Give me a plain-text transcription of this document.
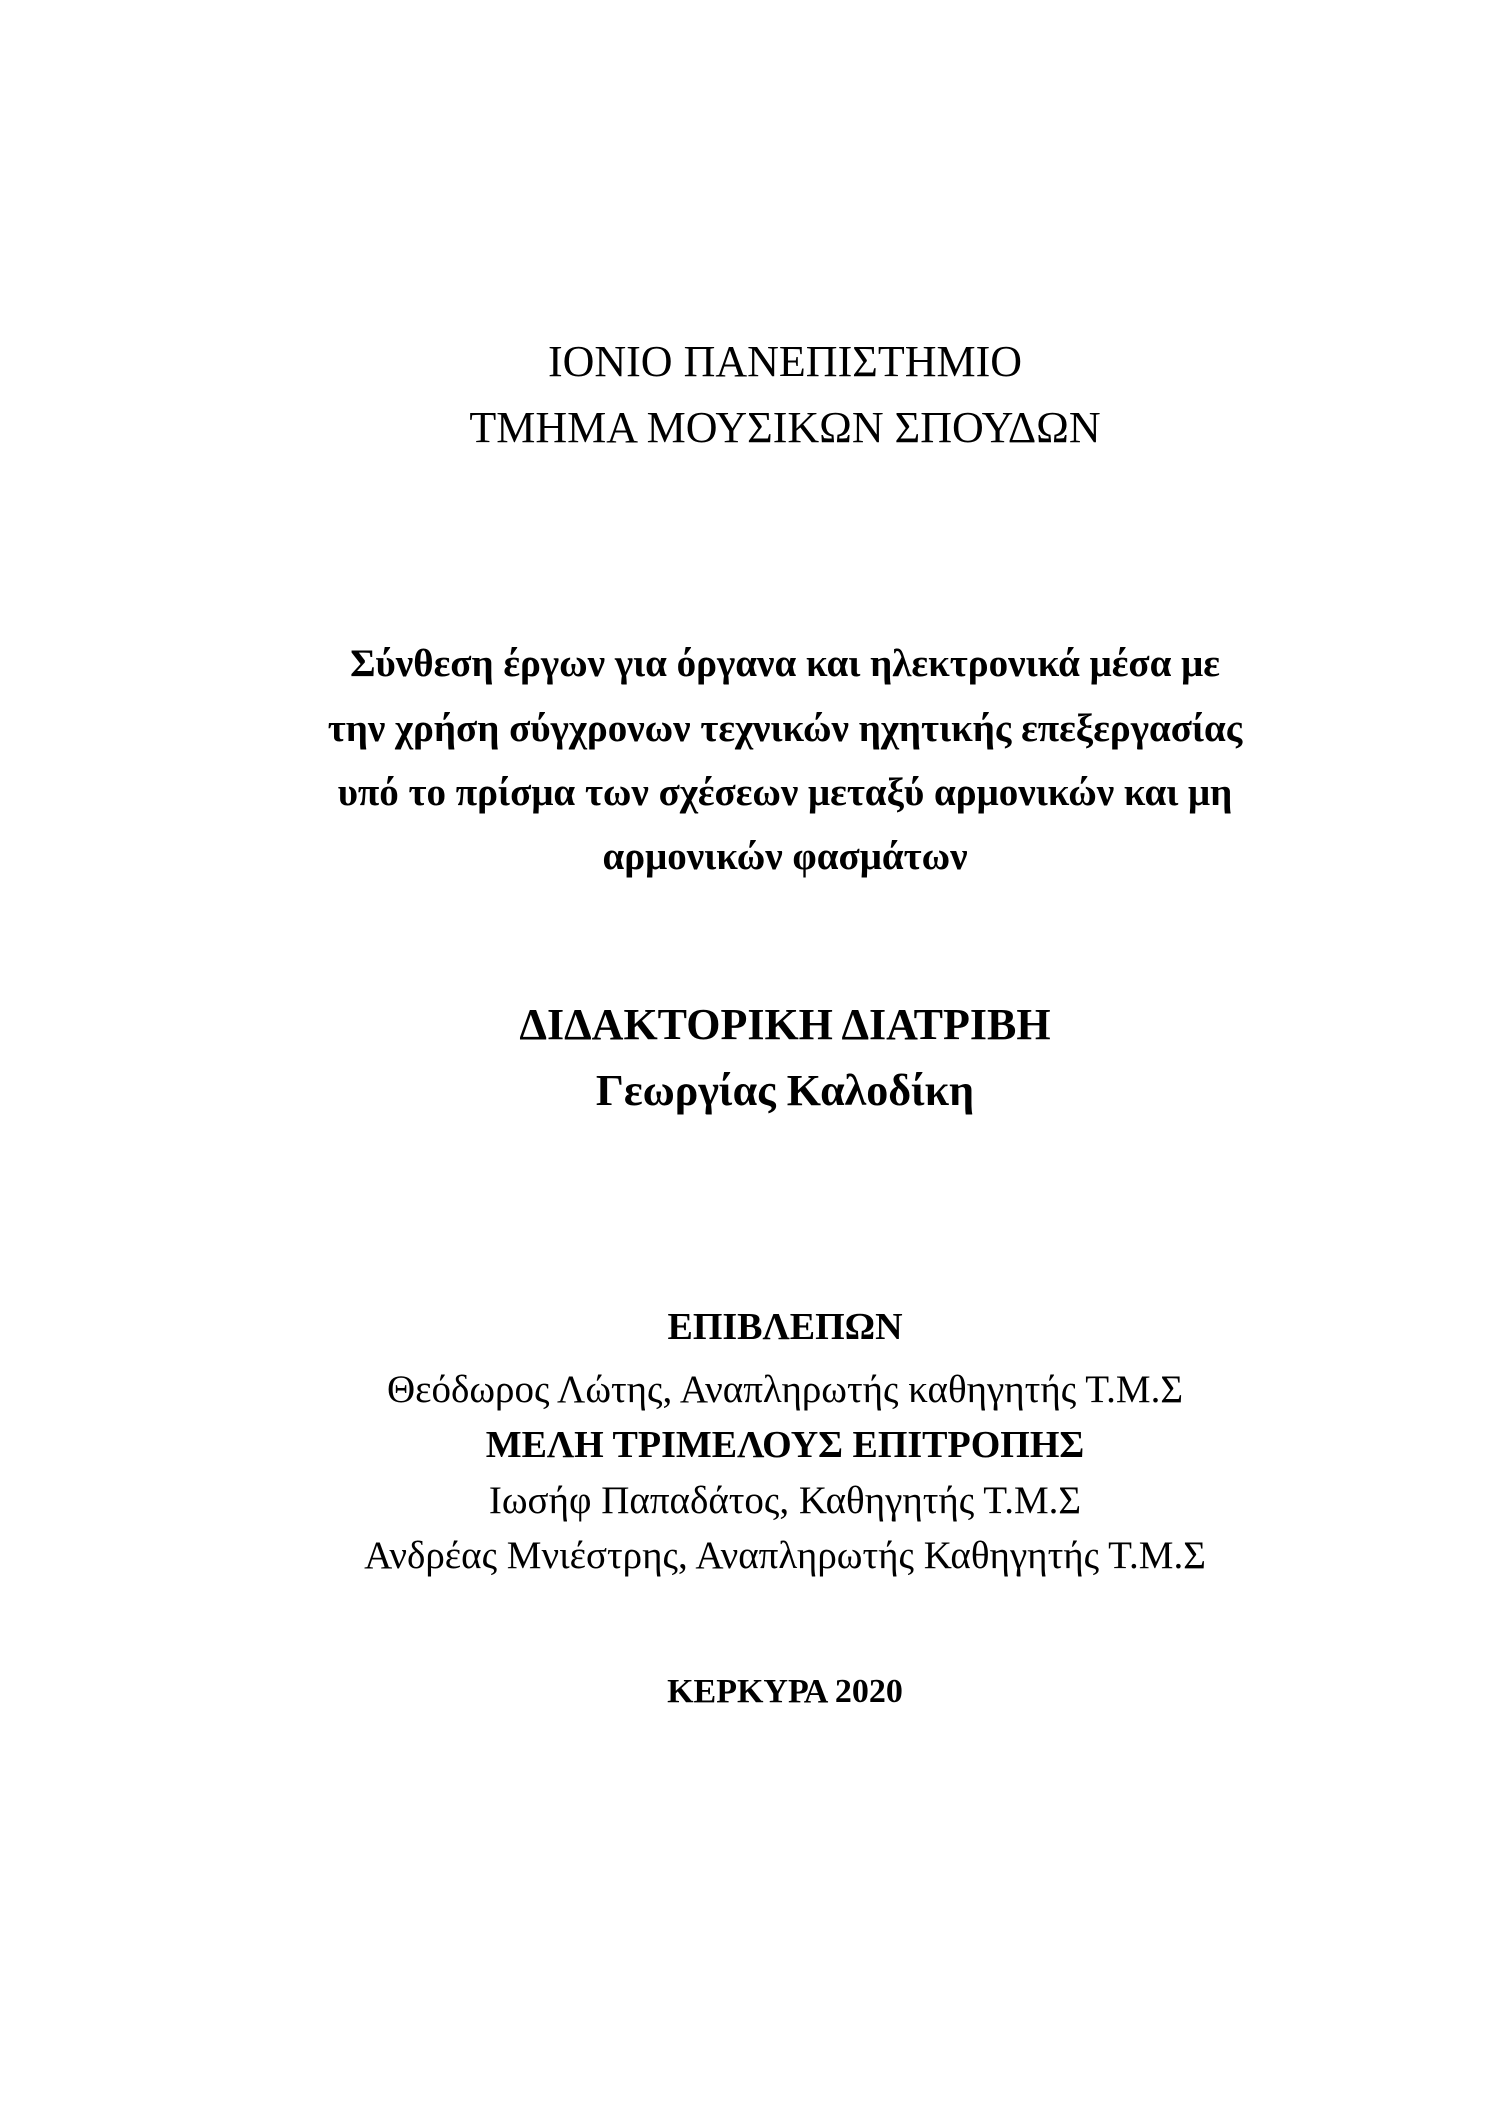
ΙΟΝΙΟ ΠΑΝΕΠΙΣΤΗΜΙΟ
ΤΜΗΜΑ ΜΟΥΣΙΚΩΝ ΣΠΟΥΔΩΝ
Σύνθεση έργων για όργανα και ηλεκτρονικά μέσα με
την χρήση σύγχρονων τεχνικών ηχητικής επεξεργασίας
υπό το πρίσμα των σχέσεων μεταξύ αρμονικών και μη
αρμονικών φασμάτων
ΔΙΔΑΚΤΟΡΙΚΗ ΔΙΑΤΡΙΒΗ
Γεωργίας Καλοδίκη
ΕΠΙΒΛΕΠΩΝ
Θεόδωρος Λώτης, Αναπληρωτής καθηγητής Τ.Μ.Σ
ΜΕΛΗ ΤΡΙΜΕΛΟΥΣ ΕΠΙΤΡΟΠΗΣ
Ιωσήφ Παπαδάτος, Καθηγητής Τ.Μ.Σ
Ανδρέας Μνιέστρης, Αναπληρωτής Καθηγητής Τ.Μ.Σ
ΚΕΡΚΥΡΑ 2020
